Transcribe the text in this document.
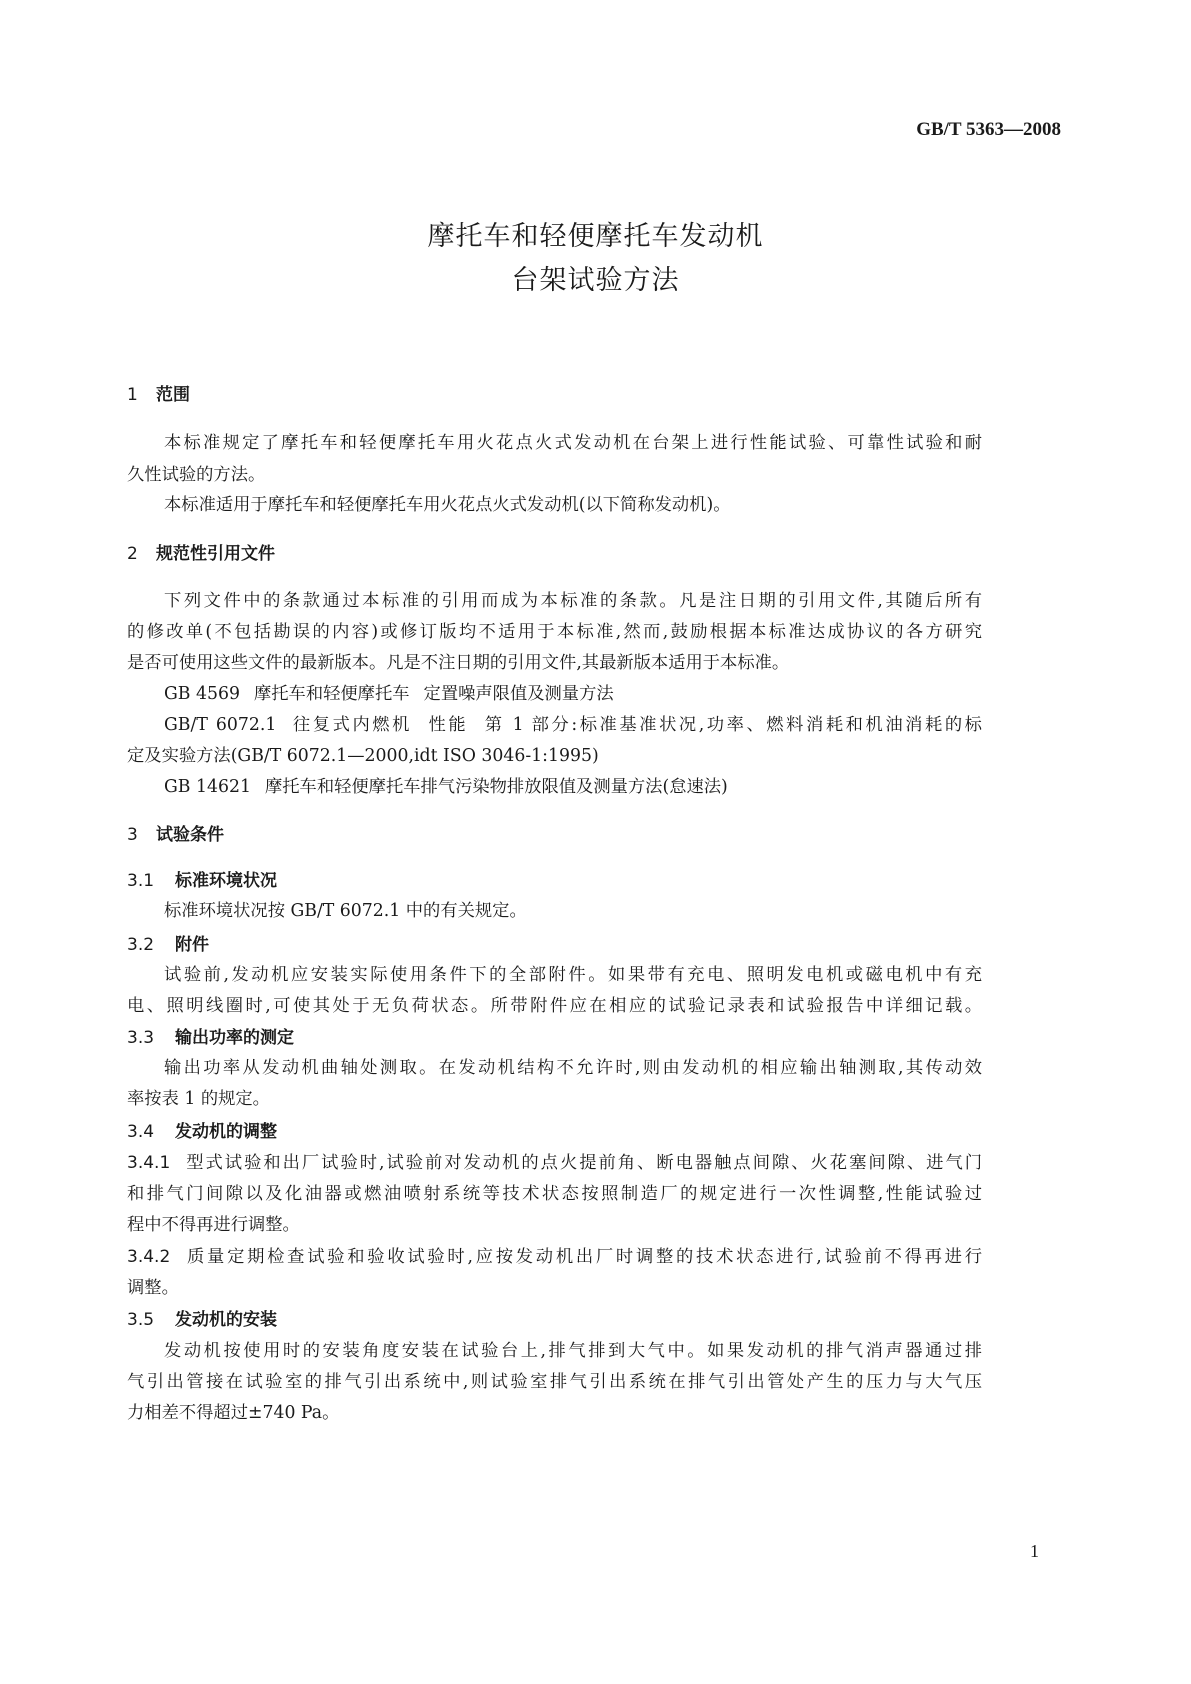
GB/T 5363—2008
摩托车和轻便摩托车发动机
台架试验方法
1 范围
本标准规定了摩托车和轻便摩托车用火花点火式发动机在台架上进行性能试验、可靠性试验和耐
久性试验的方法。
本标准适用于摩托车和轻便摩托车用火花点火式发动机(以下简称发动机)。
2 规范性引用文件
下列文件中的条款通过本标准的引用而成为本标准的条款。凡是注日期的引用文件,其随后所有
的修改单(不包括勘误的内容)或修订版均不适用于本标准,然而,鼓励根据本标准达成协议的各方研究
是否可使用这些文件的最新版本。凡是不注日期的引用文件,其最新版本适用于本标准。
GB 4569 摩托车和轻便摩托车 定置噪声限值及测量方法
GB/T 6072.1 往复式内燃机 性能 第 1 部分:标准基准状况,功率、燃料消耗和机油消耗的标
定及实验方法(GB/T 6072.1—2000,idt ISO 3046-1:1995)
GB 14621 摩托车和轻便摩托车排气污染物排放限值及测量方法(怠速法)
3 试验条件
3.1 标准环境状况
标准环境状况按 GB/T 6072.1 中的有关规定。
3.2 附件
试验前,发动机应安装实际使用条件下的全部附件。如果带有充电、照明发电机或磁电机中有充
电、照明线圈时,可使其处于无负荷状态。所带附件应在相应的试验记录表和试验报告中详细记载。
3.3 输出功率的测定
输出功率从发动机曲轴处测取。在发动机结构不允许时,则由发动机的相应输出轴测取,其传动效
率按表 1 的规定。
3.4 发动机的调整
3.4.1 型式试验和出厂试验时,试验前对发动机的点火提前角、断电器触点间隙、火花塞间隙、进气门
和排气门间隙以及化油器或燃油喷射系统等技术状态按照制造厂的规定进行一次性调整,性能试验过
程中不得再进行调整。
3.4.2 质量定期检查试验和验收试验时,应按发动机出厂时调整的技术状态进行,试验前不得再进行
调整。
3.5 发动机的安装
发动机按使用时的安装角度安装在试验台上,排气排到大气中。如果发动机的排气消声器通过排
气引出管接在试验室的排气引出系统中,则试验室排气引出系统在排气引出管处产生的压力与大气压
力相差不得超过±740 Pa。
1
